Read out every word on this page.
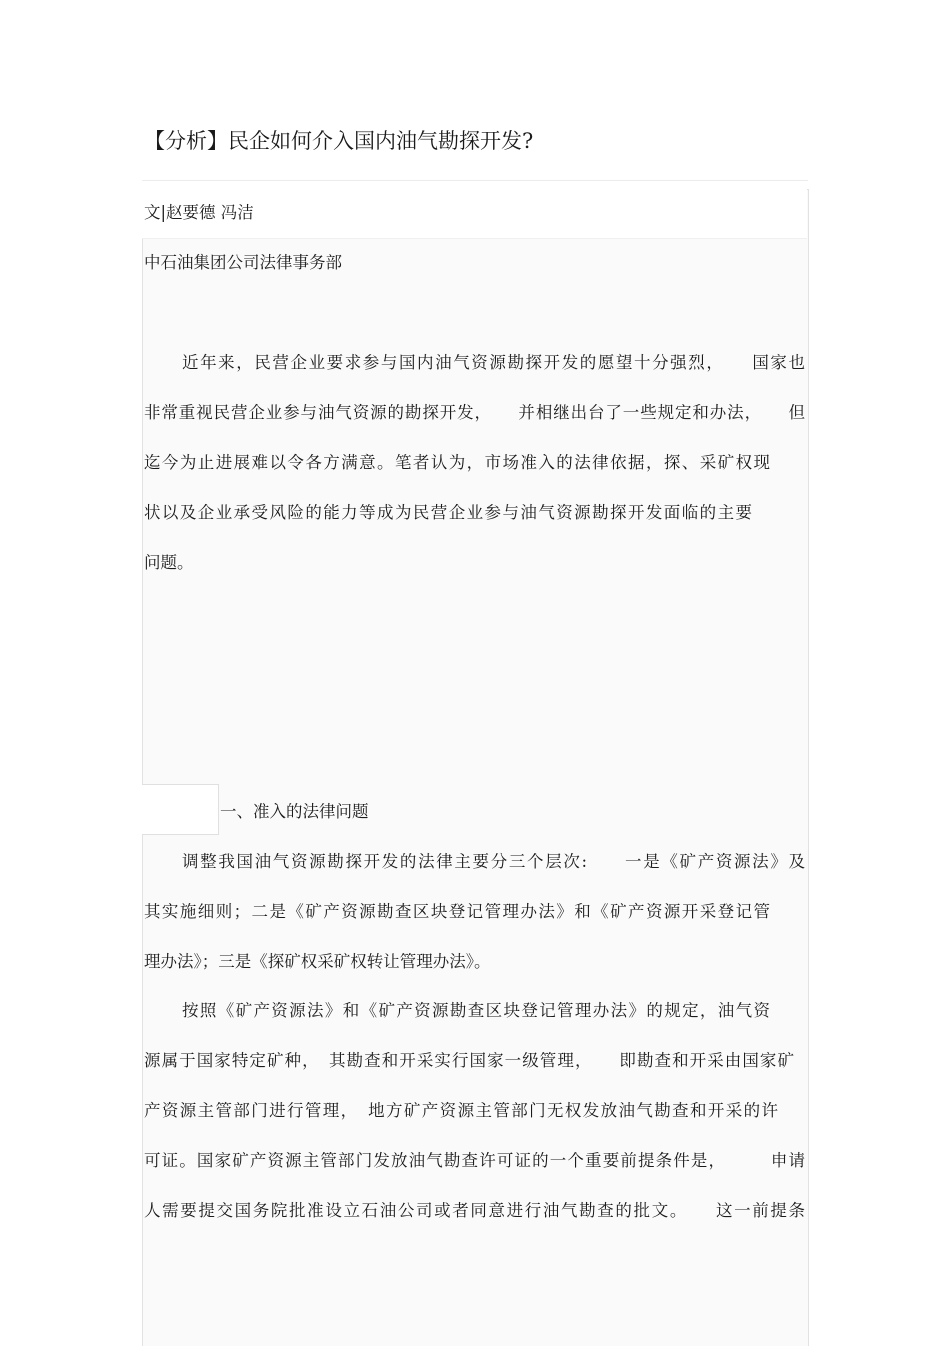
【分析】民企如何介入国内油气勘探开发?

文|赵要德 冯洁

中石油集团公司法律事务部

近年来，民营企业要求参与国内油气资源勘探开发的愿望十分强烈，　　国家也

非常重视民营企业参与油气资源的勘探开发，　　并相继出台了一些规定和办法，　　但

迄今为止进展难以令各方满意。笔者认为，市场准入的法律依据，探、采矿权现

状以及企业承受风险的能力等成为民营企业参与油气资源勘探开发面临的主要

问题。

一、准入的法律问题

调整我国油气资源勘探开发的法律主要分三个层次:　　一是《矿产资源法》及

其实施细则；二是《矿产资源勘查区块登记管理办法》和《矿产资源开采登记管

理办法》；三是《探矿权采矿权转让管理办法》。

按照《矿产资源法》和《矿产资源勘查区块登记管理办法》的规定，油气资

源属于国家特定矿种，　其勘查和开采实行国家一级管理，　　即勘查和开采由国家矿

产资源主管部门进行管理，　地方矿产资源主管部门无权发放油气勘查和开采的许

可证。国家矿产资源主管部门发放油气勘查许可证的一个重要前提条件是，　　　申请

人需要提交国务院批准设立石油公司或者同意进行油气勘查的批文。　　这一前提条
